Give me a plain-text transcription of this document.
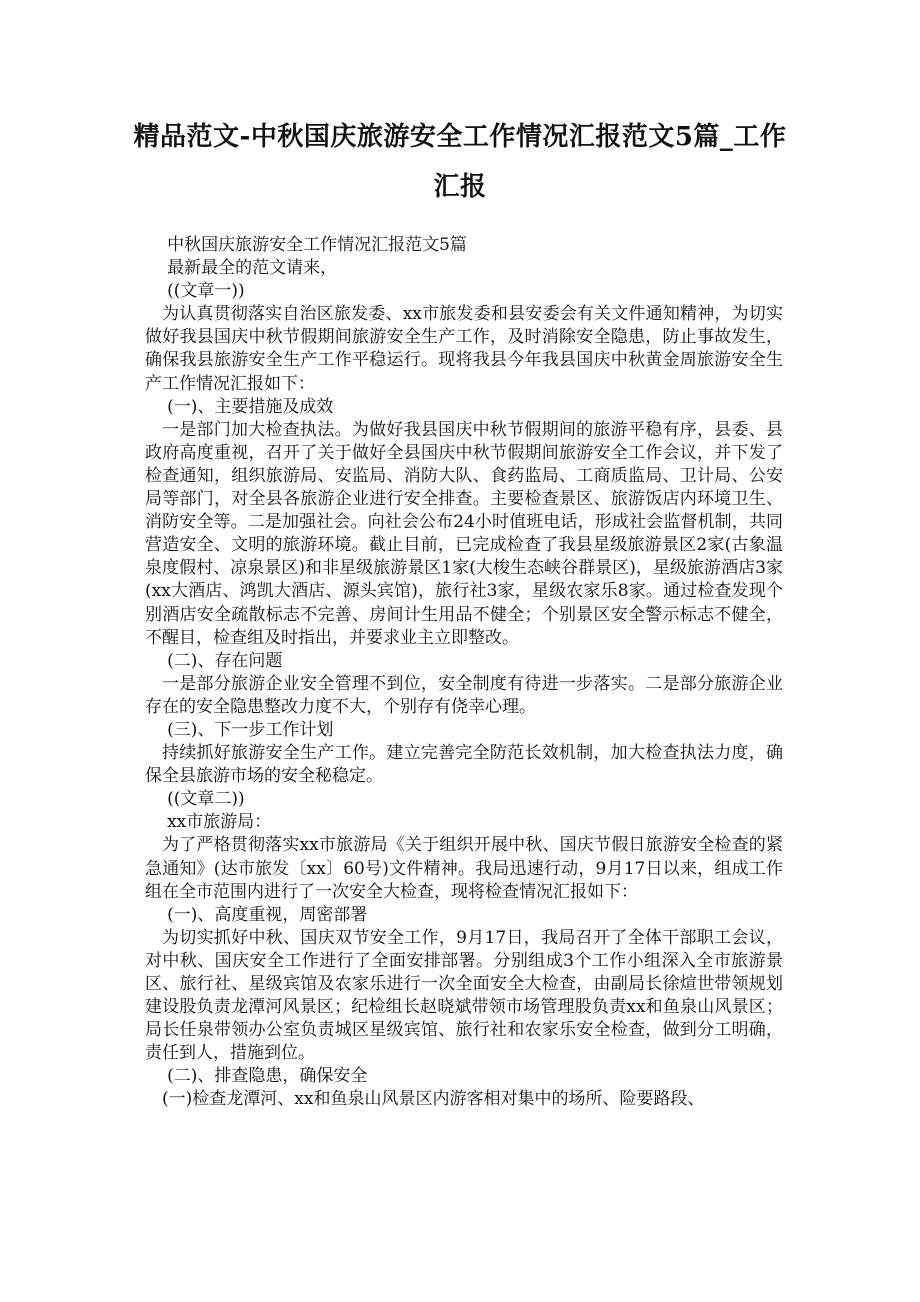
精品范文-中秋国庆旅游安全工作情况汇报范文5篇_工作汇报

中秋国庆旅游安全工作情况汇报范文5篇

最新最全的范文请来，

((文章一))

为认真贯彻落实自治区旅发委、xx市旅发委和县安委会有关文件通知精神，为切实做好我县国庆中秋节假期间旅游安全生产工作，及时消除安全隐患，防止事故发生，确保我县旅游安全生产工作平稳运行。现将我县今年我县国庆中秋黄金周旅游安全生产工作情况汇报如下：

(一)、主要措施及成效

一是部门加大检查执法。为做好我县国庆中秋节假期间的旅游平稳有序，县委、县政府高度重视，召开了关于做好全县国庆中秋节假期间旅游安全工作会议，并下发了检查通知，组织旅游局、安监局、消防大队、食药监局、工商质监局、卫计局、公安局等部门，对全县各旅游企业进行安全排查。主要检查景区、旅游饭店内环境卫生、消防安全等。二是加强社会。向社会公布24小时值班电话，形成社会监督机制，共同营造安全、文明的旅游环境。截止目前，已完成检查了我县星级旅游景区2家(古象温泉度假村、凉泉景区)和非星级旅游景区1家(大梭生态峡谷群景区)，星级旅游酒店3家(xx大酒店、鸿凯大酒店、源头宾馆)，旅行社3家，星级农家乐8家。通过检查发现个别酒店安全疏散标志不完善、房间计生用品不健全；个别景区安全警示标志不健全，不醒目，检查组及时指出，并要求业主立即整改。

(二)、存在问题

一是部分旅游企业安全管理不到位，安全制度有待进一步落实。二是部分旅游企业存在的安全隐患整改力度不大，个别存有侥幸心理。

(三)、下一步工作计划

持续抓好旅游安全生产工作。建立完善完全防范长效机制，加大检查执法力度，确保全县旅游市场的安全秘稳定。

((文章二))

xx市旅游局：

为了严格贯彻落实xx市旅游局《关于组织开展中秋、国庆节假日旅游安全检查的紧急通知》(达市旅发〔xx〕60号)文件精神。我局迅速行动，9月17日以来，组成工作组在全市范围内进行了一次安全大检查，现将检查情况汇报如下：

(一)、高度重视，周密部署

为切实抓好中秋、国庆双节安全工作，9月17日，我局召开了全体干部职工会议，对中秋、国庆安全工作进行了全面安排部署。分别组成3个工作小组深入全市旅游景区、旅行社、星级宾馆及农家乐进行一次全面安全大检查，由副局长徐煊世带领规划建设股负责龙潭河风景区；纪检组长赵晓斌带领市场管理股负责xx和鱼泉山风景区；局长任泉带领办公室负责城区星级宾馆、旅行社和农家乐安全检查，做到分工明确，责任到人，措施到位。

(二)、排查隐患，确保安全

(一)检查龙潭河、xx和鱼泉山风景区内游客相对集中的场所、险要路段、
